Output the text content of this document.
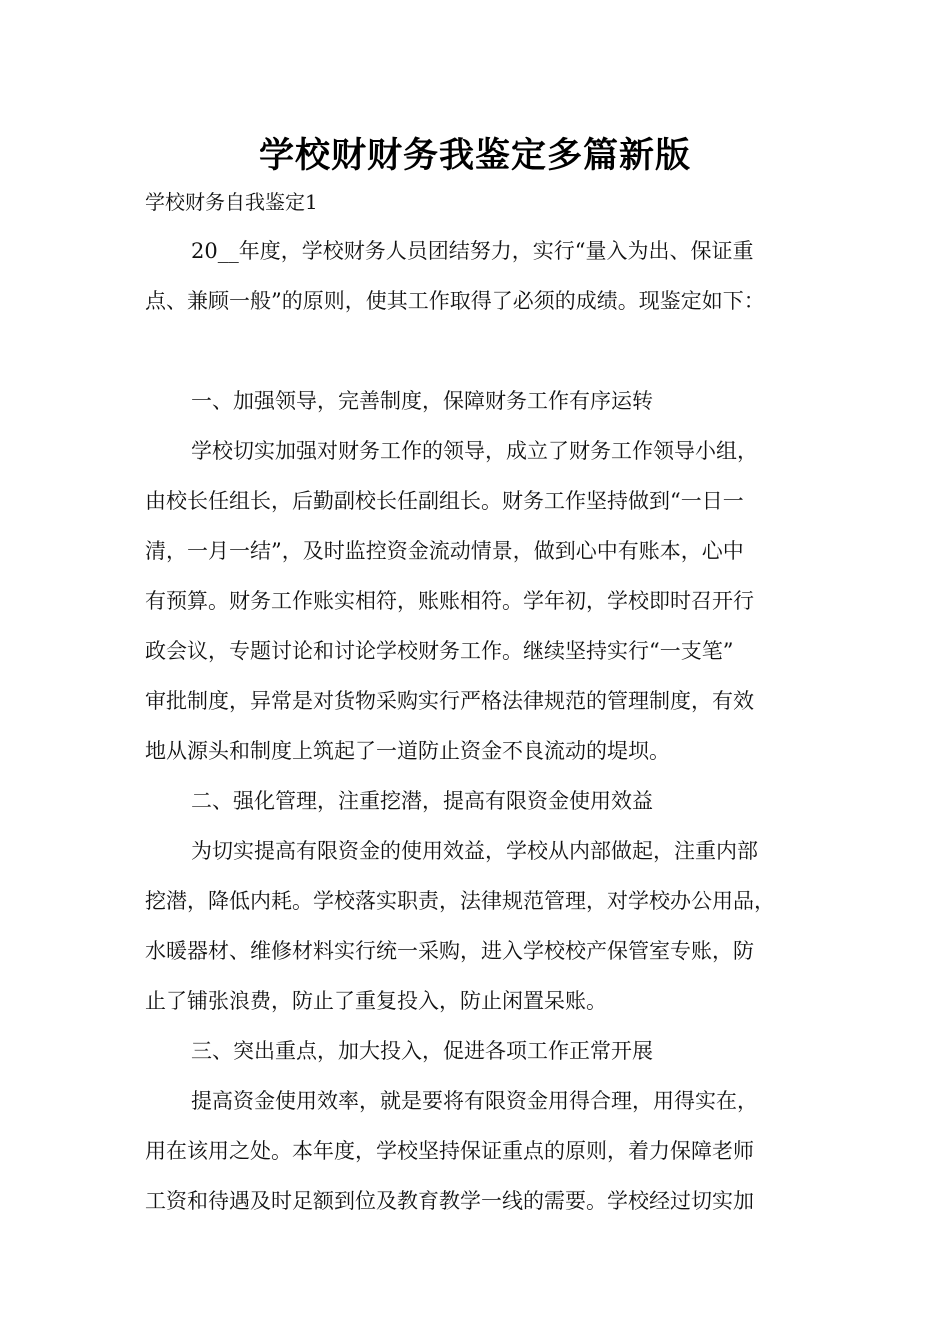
学校财财务我鉴定多篇新版
学校财务自我鉴定1
20__年度，学校财务人员团结努力，实行“量入为出、保证重
点、兼顾一般”的原则，使其工作取得了必须的成绩。现鉴定如下：
一、加强领导，完善制度，保障财务工作有序运转
学校切实加强对财务工作的领导，成立了财务工作领导小组，
由校长任组长，后勤副校长任副组长。财务工作坚持做到“一日一
清，一月一结”，及时监控资金流动情景，做到心中有账本，心中
有预算。财务工作账实相符，账账相符。学年初，学校即时召开行
政会议，专题讨论和讨论学校财务工作。继续坚持实行“一支笔”
审批制度，异常是对货物采购实行严格法律规范的管理制度，有效
地从源头和制度上筑起了一道防止资金不良流动的堤坝。
二、强化管理，注重挖潜，提高有限资金使用效益
为切实提高有限资金的使用效益，学校从内部做起，注重内部
挖潜，降低内耗。学校落实职责，法律规范管理，对学校办公用品，
水暖器材、维修材料实行统一采购，进入学校校产保管室专账，防
止了铺张浪费，防止了重复投入，防止闲置呆账。
三、突出重点，加大投入，促进各项工作正常开展
提高资金使用效率，就是要将有限资金用得合理，用得实在，
用在该用之处。本年度，学校坚持保证重点的原则，着力保障老师
工资和待遇及时足额到位及教育教学一线的需要。学校经过切实加
